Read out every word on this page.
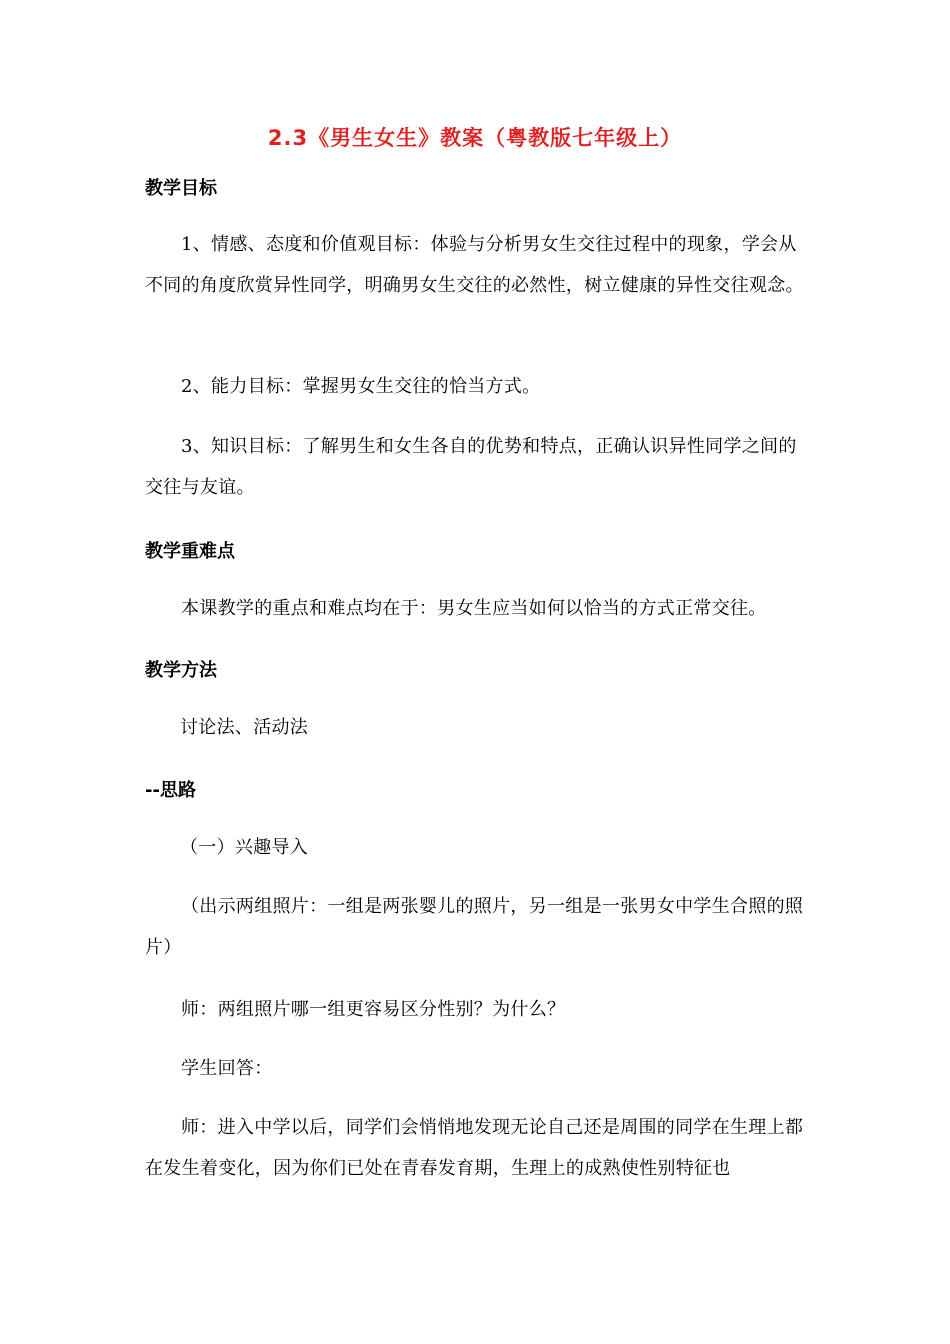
2.3《男生女生》教案（粤教版七年级上）
教学目标
1、情感、态度和价值观目标：体验与分析男女生交往过程中的现象，学会从不同的角度欣赏异性同学，明确男女生交往的必然性，树立健康的异性交往观念。
2、能力目标：掌握男女生交往的恰当方式。
3、知识目标：了解男生和女生各自的优势和特点，正确认识异性同学之间的交往与友谊。
教学重难点
本课教学的重点和难点均在于：男女生应当如何以恰当的方式正常交往。
教学方法
讨论法、活动法
--思路
（一）兴趣导入
（出示两组照片：一组是两张婴儿的照片，另一组是一张男女中学生合照的照片）
师：两组照片哪一组更容易区分性别？为什么？
学生回答：
师：进入中学以后，同学们会悄悄地发现无论自己还是周围的同学在生理上都在发生着变化，因为你们已处在青春发育期，生理上的成熟使性别特征也
